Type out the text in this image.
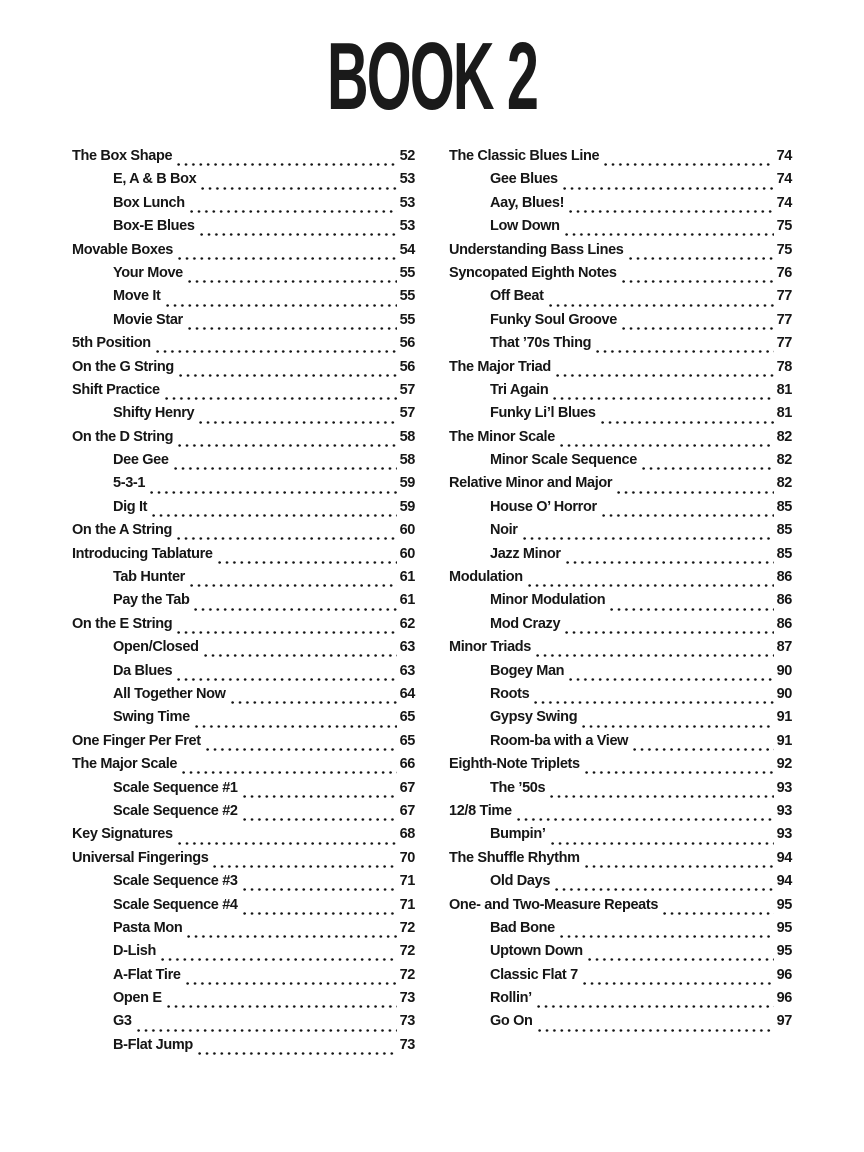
BOOK 2
The Box Shape	52
E, A & B Box	53
Box Lunch	53
Box-E Blues	53
Movable Boxes	54
Your Move	55
Move It	55
Movie Star	55
5th Position	56
On the G String	56
Shift Practice	57
Shifty Henry	57
On the D String	58
Dee Gee	58
5-3-1	59
Dig It	59
On the A String	60
Introducing Tablature	60
Tab Hunter	61
Pay the Tab	61
On the E String	62
Open/Closed	63
Da Blues	63
All Together Now	64
Swing Time	65
One Finger Per Fret	65
The Major Scale	66
Scale Sequence #1	67
Scale Sequence #2	67
Key Signatures	68
Universal Fingerings	70
Scale Sequence #3	71
Scale Sequence #4	71
Pasta Mon	72
D-Lish	72
A-Flat Tire	72
Open E	73
G3	73
B-Flat Jump	73
The Classic Blues Line	74
Gee Blues	74
Aay, Blues!	74
Low Down	75
Understanding Bass Lines	75
Syncopated Eighth Notes	76
Off Beat	77
Funky Soul Groove	77
That ’70s Thing	77
The Major Triad	78
Tri Again	81
Funky Li’l Blues	81
The Minor Scale	82
Minor Scale Sequence	82
Relative Minor and Major	82
House O’ Horror	85
Noir	85
Jazz Minor	85
Modulation	86
Minor Modulation	86
Mod Crazy	86
Minor Triads	87
Bogey Man	90
Roots	90
Gypsy Swing	91
Room-ba with a View	91
Eighth-Note Triplets	92
The ’50s	93
12/8 Time	93
Bumpin’	93
The Shuffle Rhythm	94
Old Days	94
One- and Two-Measure Repeats	95
Bad Bone	95
Uptown Down	95
Classic Flat 7	96
Rollin’	96
Go On	97
